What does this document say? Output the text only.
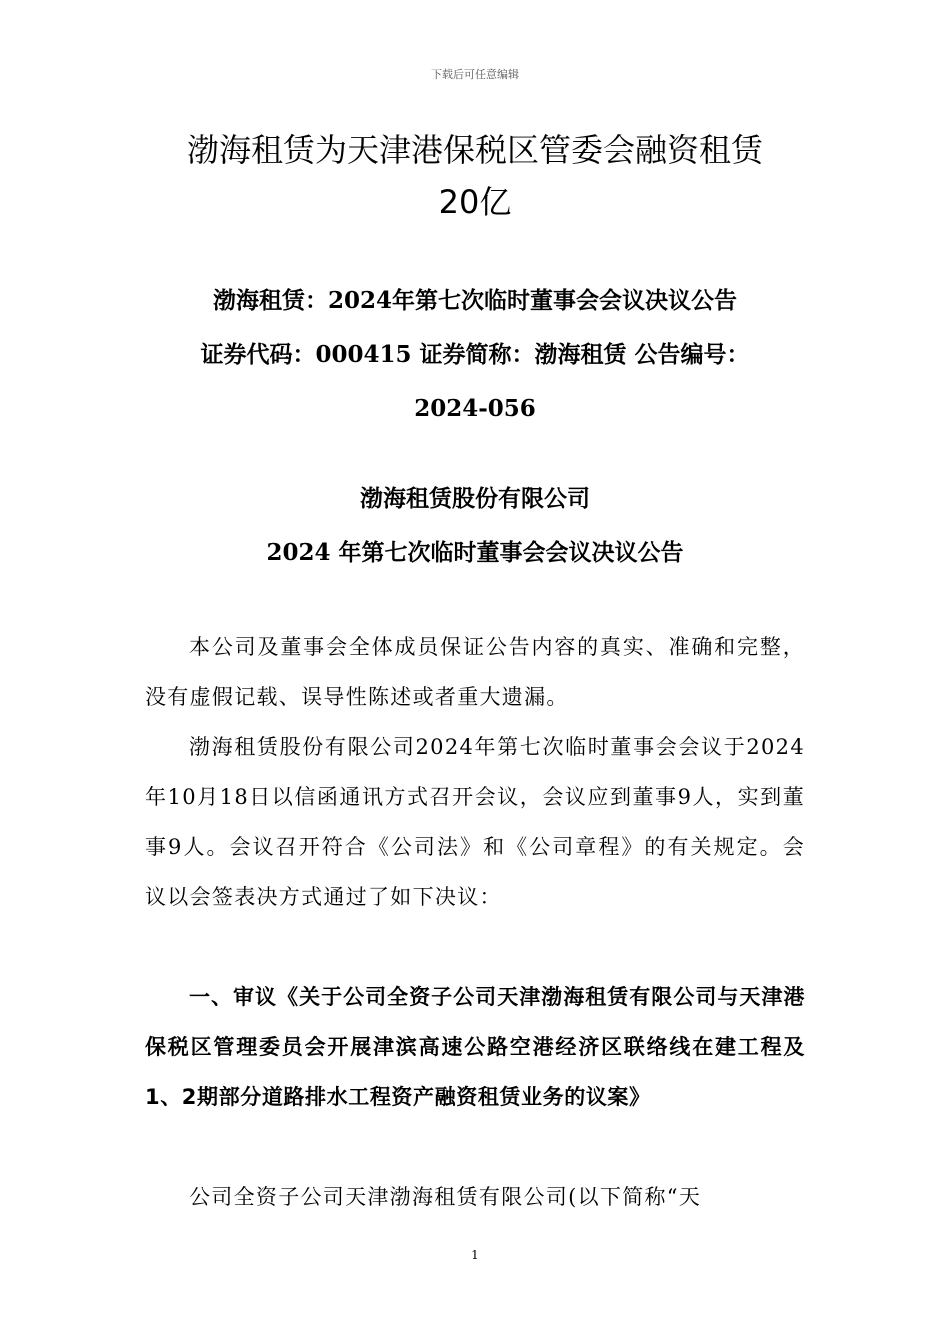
下载后可任意编辑
渤海租赁为天津港保税区管委会融资租赁
20亿
渤海租赁：2024年第七次临时董事会会议决议公告
证券代码：000415 证券简称：渤海租赁 公告编号：
2024-056
渤海租赁股份有限公司
2024 年第七次临时董事会会议决议公告

本公司及董事会全体成员保证公告内容的真实、准确和完整，没有虚假记载、误导性陈述或者重大遗漏。

渤海租赁股份有限公司2024年第七次临时董事会会议于2024年10月18日以信函通讯方式召开会议，会议应到董事9人，实到董事9人。会议召开符合《公司法》和《公司章程》的有关规定。会议以会签表决方式通过了如下决议：

一、审议《关于公司全资子公司天津渤海租赁有限公司与天津港保税区管理委员会开展津滨高速公路空港经济区联络线在建工程及1、2期部分道路排水工程资产融资租赁业务的议案》

公司全资子公司天津渤海租赁有限公司(以下简称“天

1
